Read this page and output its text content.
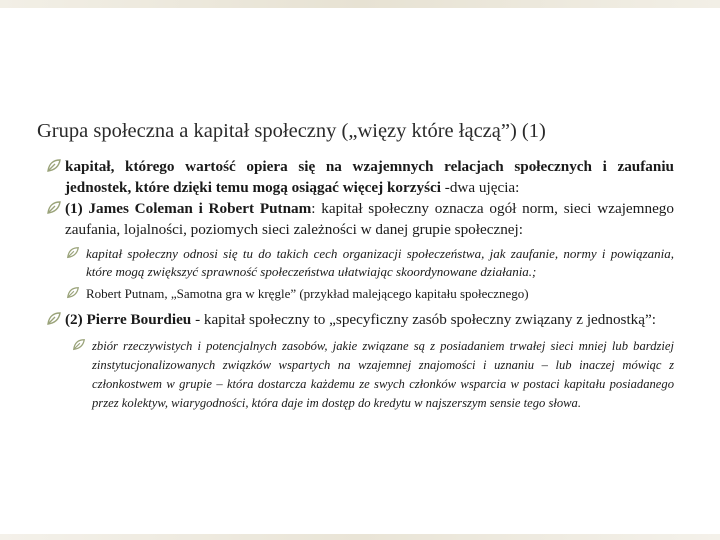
Grupa społeczna a kapitał społeczny („więzy które łączą”) (1)
kapitał, którego wartość opiera się na wzajemnych relacjach społecznych i zaufaniu jednostek, które dzięki temu mogą osiągać więcej korzyści -dwa ujęcia:
(1) James Coleman i Robert Putnam: kapitał społeczny oznacza ogół norm, sieci wzajemnego zaufania, lojalności, poziomych sieci zależności w danej grupie społecznej:
kapitał społeczny odnosi się tu do takich cech organizacji społeczeństwa, jak zaufanie, normy i powiązania, które mogą zwiększyć sprawność społeczeństwa ułatwiając skoordynowane działania.;
Robert Putnam, „Samotna gra w kręgle” (przykład malejącego kapitału społecznego)
(2) Pierre Bourdieu - kapitał społeczny to „specyficzny zasób społeczny związany z jednostką”:
zbiór rzeczywistych i potencjalnych zasobów, jakie związane są z posiadaniem trwałej sieci mniej lub bardziej zinstytucjonalizowanych związków wspartych na wzajemnej znajomości i uznaniu – lub inaczej mówiąc z członkostwem w grupie – która dostarcza każdemu ze swych członków wsparcia w postaci kapitału posiadanego przez kolektyw, wiarygodności, która daje im dostęp do kredytu w najszerszym sensie tego słowa.
